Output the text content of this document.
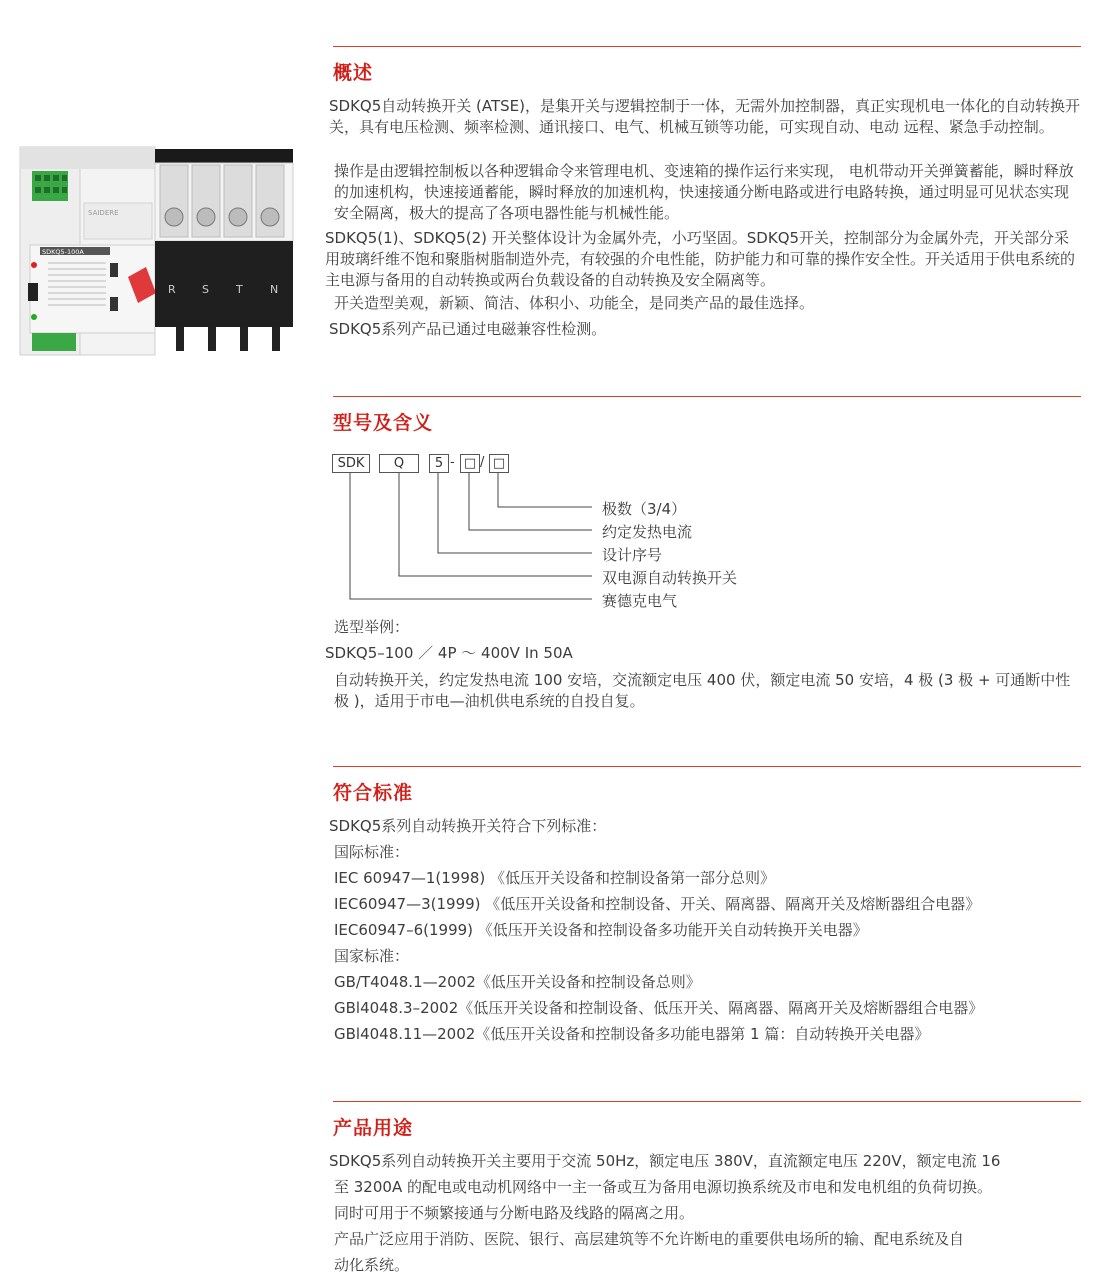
SAIDERE
SDKQ5-100A
R S T N
概述

SDKQ5自动转换开关 (ATSE)，是集开关与逻辑控制于一体，无需外加控制器，真正实现机电一体化的自动转换开关，具有电压检测、频率检测、通讯接口、电气、机械互锁等功能，可实现自动、电动 远程、紧急手动控制。

操作是由逻辑控制板以各种逻辑命令来管理电机、变速箱的操作运行来实现， 电机带动开关弹簧蓄能，瞬时释放的加速机构，快速接通蓄能，瞬时释放的加速机构，快速接通分断电路或进行电路转换，通过明显可见状态实现安全隔离，极大的提高了各项电器性能与机械性能。

SDKQ5(1)、SDKQ5(2) 开关整体设计为金属外壳，小巧坚固。SDKQ5开关，控制部分为金属外壳，开关部分采用玻璃纤维不饱和聚脂树脂制造外壳，有较强的介电性能，防护能力和可靠的操作安全性。开关适用于供电系统的主电源与备用的自动转换或两台负载设备的自动转换及安全隔离等。

开关造型美观，新颖、简洁、体积小、功能全，是同类产品的最佳选择。

SDKQ5系列产品已通过电磁兼容性检测。

型号及含义
SDK	Q	5 - □ / □
极数（3/4）
约定发热电流
设计序号
双电源自动转换开关
赛德克电气
选型举例：
SDKQ5–100 ／ 4P ～ 400V In 50A

自动转换开关，约定发热电流 100 安培，交流额定电压 400 伏，额定电流 50 安培，4 极 (3 极 + 可通断中性极 )，适用于市电—油机供电系统的自投自复。

符合标准
SDKQ5系列自动转换开关符合下列标准：
国际标准：
IEC 60947—1(1998) 《低压开关设备和控制设备第一部分总则》
IEC60947—3(1999) 《低压开关设备和控制设备、开关、隔离器、隔离开关及熔断器组合电器》
IEC60947–6(1999) 《低压开关设备和控制设备多功能开关自动转换开关电器》
国家标准：
GB/T4048.1—2002《低压开关设备和控制设备总则》
GBl4048.3–2002《低压开关设备和控制设备、低压开关、隔离器、隔离开关及熔断器组合电器》
GBl4048.11—2002《低压开关设备和控制设备多功能电器第 1 篇：自动转换开关电器》
产品用途
SDKQ5系列自动转换开关主要用于交流 50Hz，额定电压 380V，直流额定电压 220V，额定电流 16
至 3200A 的配电或电动机网络中一主一备或互为备用电源切换系统及市电和发电机组的负荷切换。
同时可用于不频繁接通与分断电路及线路的隔离之用。
产品广泛应用于消防、医院、银行、高层建筑等不允许断电的重要供电场所的输、配电系统及自
动化系统。
